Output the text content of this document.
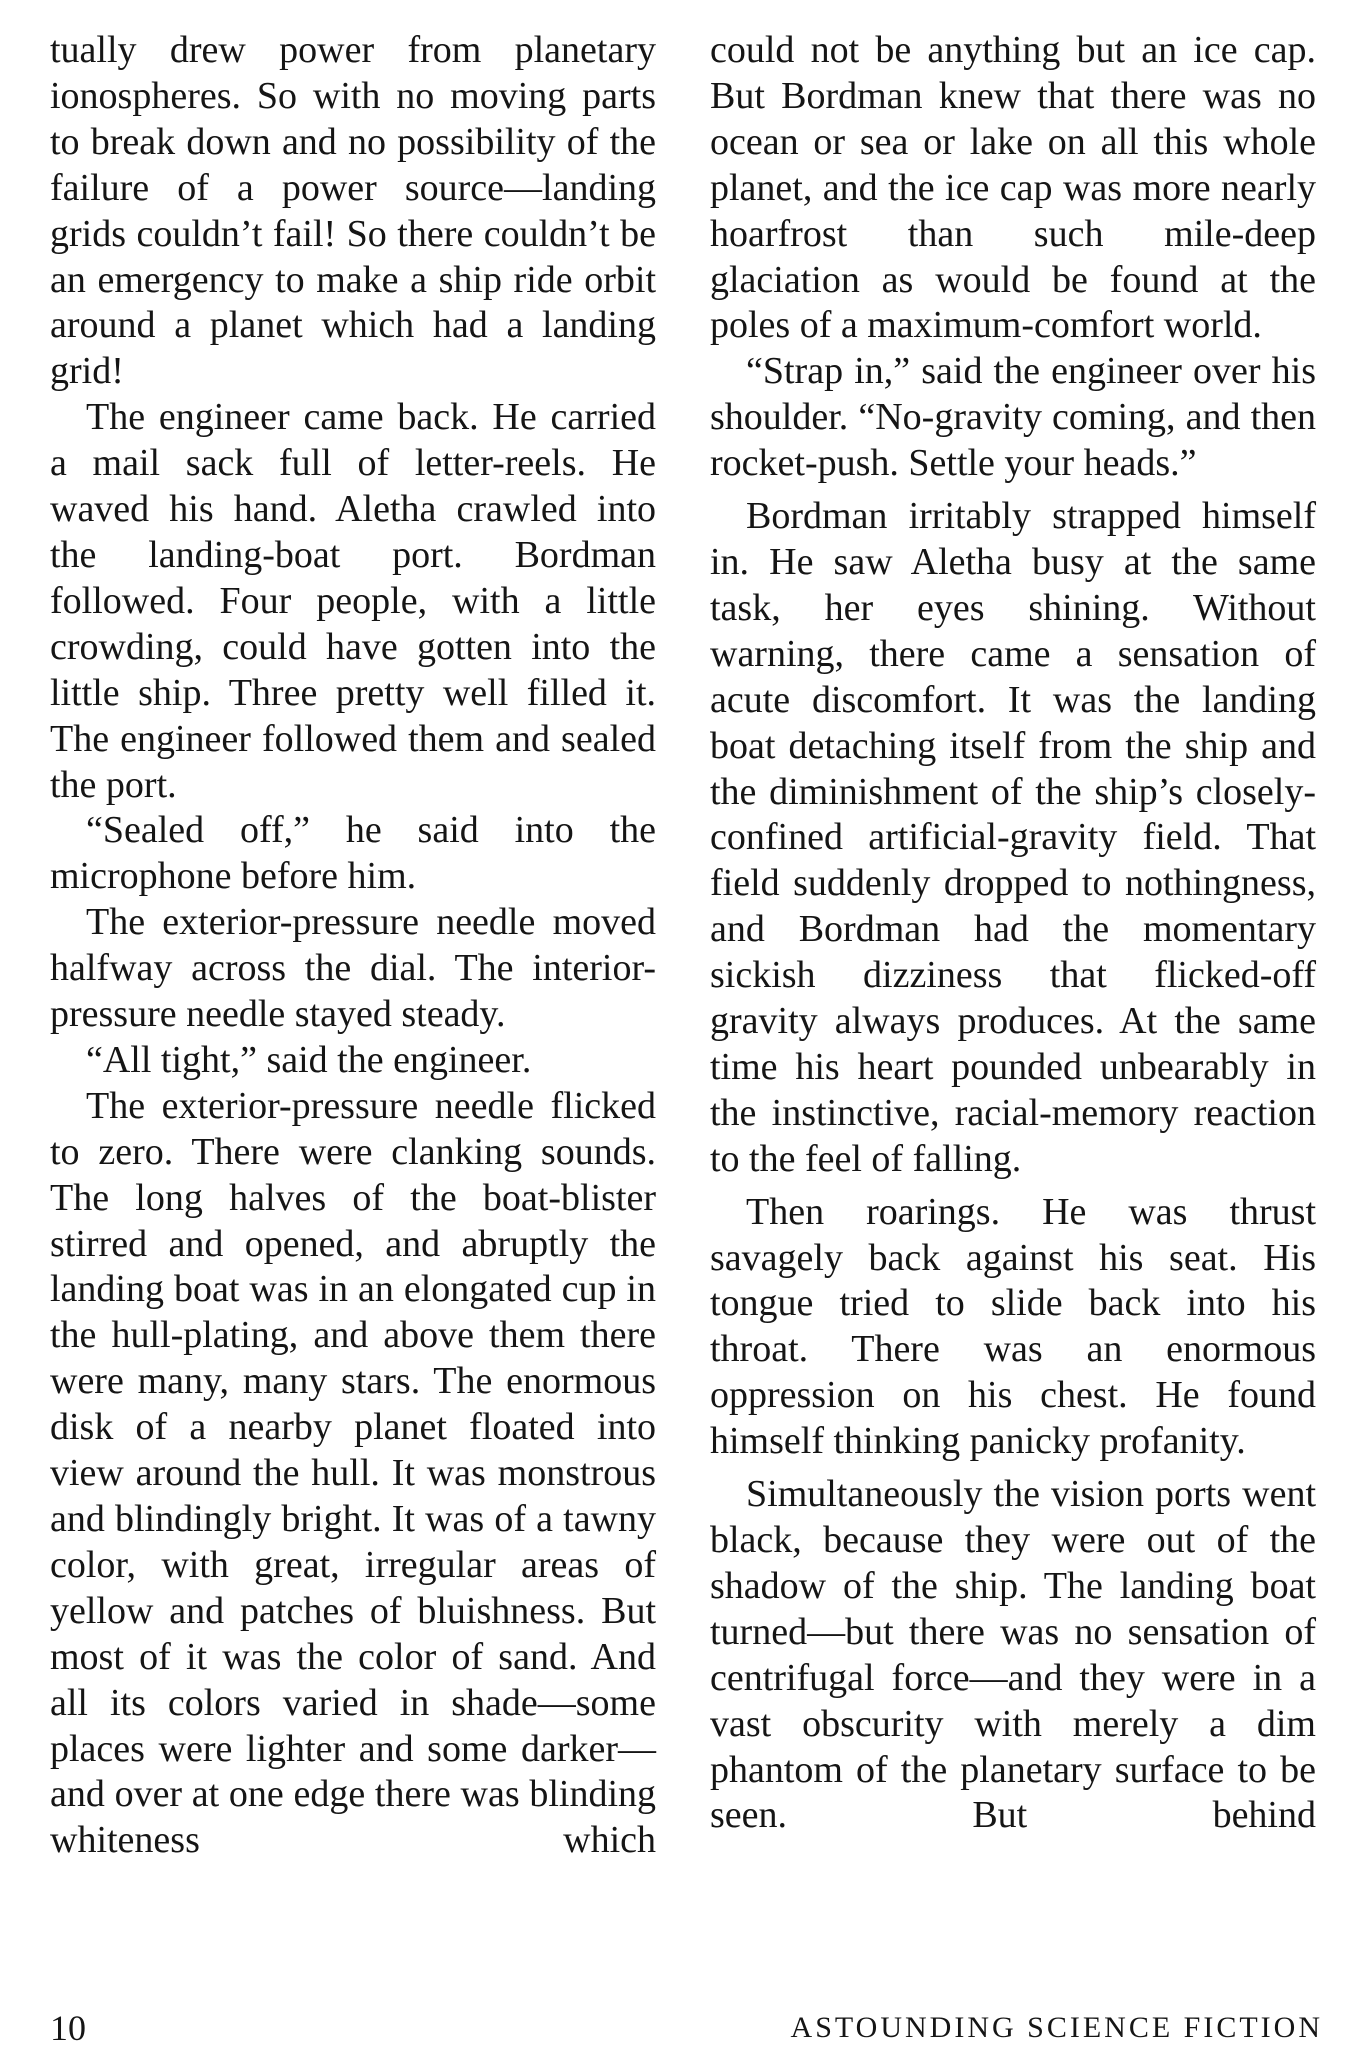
tually drew power from planetary ionospheres. So with no moving parts to break down and no possibility of the failure of a power source—landing grids couldn’t fail! So there couldn’t be an emergency to make a ship ride orbit around a planet which had a landing grid!

The engineer came back. He carried a mail sack full of letter-reels. He waved his hand. Aletha crawled into the landing-boat port. Bordman followed. Four people, with a little crowding, could have gotten into the little ship. Three pretty well filled it. The engineer followed them and sealed the port.

“Sealed off,” he said into the microphone before him.

The exterior-pressure needle moved halfway across the dial. The interior-pressure needle stayed steady.

“All tight,” said the engineer.

The exterior-pressure needle flicked to zero. There were clanking sounds. The long halves of the boat-blister stirred and opened, and abruptly the landing boat was in an elongated cup in the hull-plating, and above them there were many, many stars. The enormous disk of a nearby planet floated into view around the hull. It was monstrous and blindingly bright. It was of a tawny color, with great, irregular areas of yellow and patches of bluishness. But most of it was the color of sand. And all its colors varied in shade—some places were lighter and some darker—and over at one edge there was blinding whiteness which

could not be anything but an ice cap. But Bordman knew that there was no ocean or sea or lake on all this whole planet, and the ice cap was more nearly hoarfrost than such mile-deep glaciation as would be found at the poles of a maximum-comfort world.

“Strap in,” said the engineer over his shoulder. “No-gravity coming, and then rocket-push. Settle your heads.”

Bordman irritably strapped himself in. He saw Aletha busy at the same task, her eyes shining. Without warning, there came a sensation of acute discomfort. It was the landing boat detaching itself from the ship and the diminishment of the ship’s closely-confined artificial-gravity field. That field suddenly dropped to nothingness, and Bordman had the momentary sickish dizziness that flicked-off gravity always produces. At the same time his heart pounded unbearably in the instinctive, racial-memory reaction to the feel of falling.

Then roarings. He was thrust savagely back against his seat. His tongue tried to slide back into his throat. There was an enormous oppression on his chest. He found himself thinking panicky profanity.

Simultaneously the vision ports went black, because they were out of the shadow of the ship. The landing boat turned—but there was no sensation of centrifugal force—and they were in a vast obscurity with merely a dim phantom of the planetary surface to be seen. But behind

10	ASTOUNDING SCIENCE FICTION
